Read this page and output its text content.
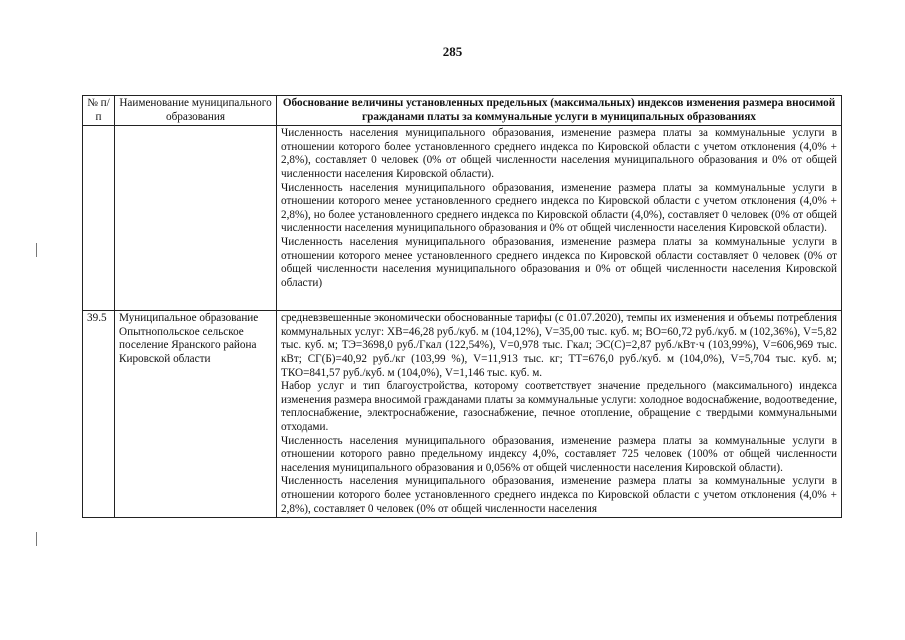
285
№ п/п	Наименование муниципального образования	Обоснование величины установленных предельных (максимальных) индексов изменения размера вносимой гражданами платы за коммунальные услуги в муниципальных образованиях

		Численность населения муниципального образования, изменение размера платы за коммунальные услуги в отношении которого более установленного среднего индекса по Кировской области с учетом отклонения (4,0% + 2,8%), составляет 0 человек (0% от общей численности населения муниципального образования и 0% от общей численности населения Кировской области).
Численность населения муниципального образования, изменение размера платы за коммунальные услуги в отношении которого менее установленного среднего индекса по Кировской области с учетом отклонения (4,0% + 2,8%), но более установленного среднего индекса по Кировской области (4,0%), составляет 0 человек (0% от общей численности населения муниципального образования и 0% от общей численности населения Кировской области).
Численность населения муниципального образования, изменение размера платы за коммунальные услуги в отношении которого менее установленного среднего индекса по Кировской области составляет 0 человек (0% от общей численности населения муниципального образования и 0% от общей численности населения Кировской области)

39.5	Муниципальное образование Опытнопольское сельское поселение Яранского района Кировской области	средневзвешенные экономически обоснованные тарифы (с 01.07.2020), темпы их изменения и объемы потребления коммунальных услуг: ХВ=46,28 руб./куб. м (104,12%), V=35,00 тыс. куб. м; ВО=60,72 руб./куб. м (102,36%), V=5,82 тыс. куб. м; ТЭ=3698,0 руб./Гкал (122,54%), V=0,978 тыс. Гкал; ЭС(С)=2,87 руб./кВт·ч (103,99%), V=606,969 тыс. кВт; СГ(Б)=40,92 руб./кг (103,99 %), V=11,913 тыс. кг; ТТ=676,0 руб./куб. м (104,0%), V=5,704 тыс. куб. м; ТКО=841,57 руб./куб. м (104,0%), V=1,146 тыс. куб. м.
Набор услуг и тип благоустройства, которому соответствует значение предельного (максимального) индекса изменения размера вносимой гражданами платы за коммунальные услуги: холодное водоснабжение, водоотведение, теплоснабжение, электроснабжение, газоснабжение, печное отопление, обращение с твердыми коммунальными отходами.
Численность населения муниципального образования, изменение размера платы за коммунальные услуги в отношении которого равно предельному индексу 4,0%, составляет 725 человек (100% от общей численности населения муниципального образования и 0,056% от общей численности населения Кировской области).
Численность населения муниципального образования, изменение размера платы за коммунальные услуги в отношении которого более установленного среднего индекса по Кировской области с учетом отклонения (4,0% + 2,8%), составляет 0 человек (0% от общей численности населения
